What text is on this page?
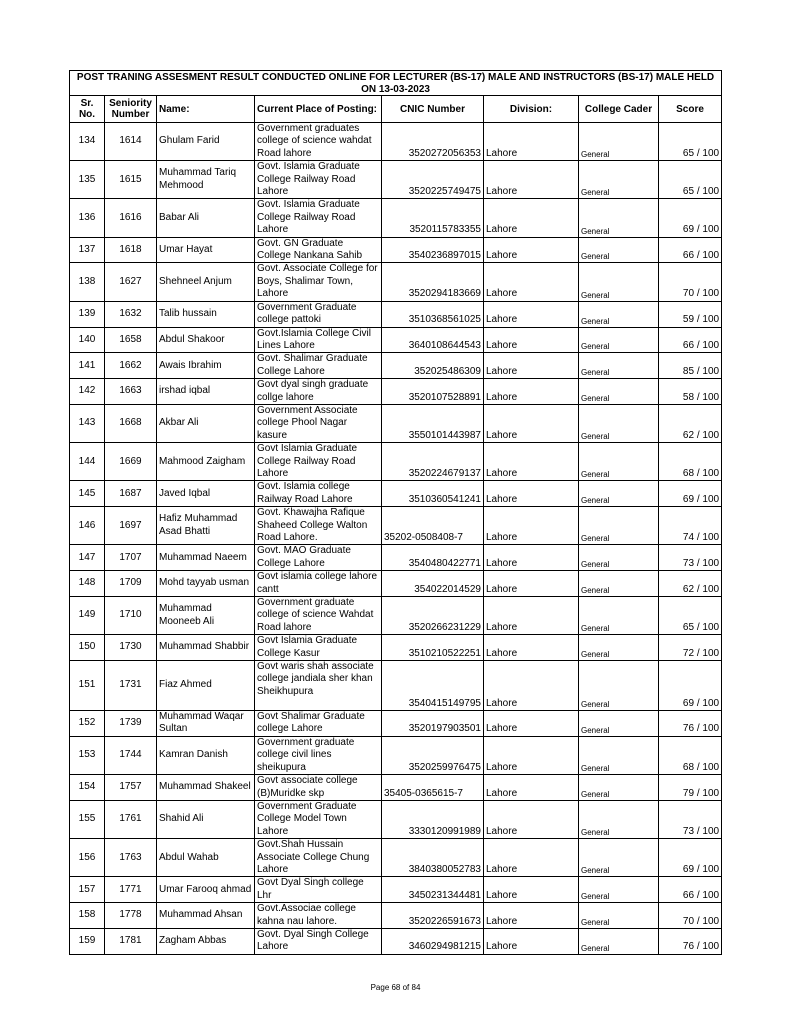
POST TRANING ASSESMENT RESULT CONDUCTED ONLINE FOR LECTURER (BS-17) MALE AND INSTRUCTORS (BS-17) MALE HELD ON 13-03-2023							
Sr. No.	Seniority Number	Name:	Current Place of Posting:	CNIC Number	Division:	College Cader	Score
134	1614	Ghulam Farid	Government graduates college of science wahdat Road lahore	3520272056353	Lahore	General	65 / 100
135	1615	Muhammad Tariq Mehmood	Govt. Islamia Graduate College Railway Road Lahore	3520225749475	Lahore	General	65 / 100
136	1616	Babar Ali	Govt. Islamia Graduate College Railway Road Lahore	3520115783355	Lahore	General	69 / 100
137	1618	Umar Hayat	Govt. GN Graduate College Nankana Sahib	3540236897015	Lahore	General	66 / 100
138	1627	Shehneel Anjum	Govt. Associate College for Boys, Shalimar Town, Lahore	3520294183669	Lahore	General	70 / 100
139	1632	Talib hussain	Government Graduate college pattoki	3510368561025	Lahore	General	59 / 100
140	1658	Abdul Shakoor	Govt.Islamia College Civil Lines Lahore	3640108644543	Lahore	General	66 / 100
141	1662	Awais Ibrahim	Govt. Shalimar Graduate College Lahore	352025486309	Lahore	General	85 / 100
142	1663	irshad iqbal	Govt dyal singh graduate collge lahore	3520107528891	Lahore	General	58 / 100
143	1668	Akbar Ali	Government Associate college Phool Nagar kasure	3550101443987	Lahore	General	62 / 100
144	1669	Mahmood Zaigham	Govt Islamia Graduate College Railway Road Lahore	3520224679137	Lahore	General	68 / 100
145	1687	Javed Iqbal	Govt. Islamia college Railway Road Lahore	3510360541241	Lahore	General	69 / 100
146	1697	Hafiz Muhammad Asad Bhatti	Govt. Khawajha Rafique Shaheed College Walton Road Lahore.	35202-0508408-7	Lahore	General	74 / 100
147	1707	Muhammad Naeem	Govt. MAO Graduate College Lahore	3540480422771	Lahore	General	73 / 100
148	1709	Mohd tayyab usman	Govt islamia college lahore cantt	354022014529	Lahore	General	62 / 100
149	1710	Muhammad Mooneeb Ali	Government graduate college of science Wahdat Road lahore	3520266231229	Lahore	General	65 / 100
150	1730	Muhammad Shabbir	Govt Islamia Graduate College Kasur	3510210522251	Lahore	General	72 / 100
151	1731	Fiaz Ahmed	Govt waris shah associate college jandiala sher khan Sheikhupura	3540415149795	Lahore	General	69 / 100
152	1739	Muhammad Waqar Sultan	Govt Shalimar Graduate college Lahore	3520197903501	Lahore	General	76 / 100
153	1744	Kamran Danish	Government graduate college civil lines sheikupura	3520259976475	Lahore	General	68 / 100
154	1757	Muhammad Shakeel	Govt associate college (B)Muridke skp	35405-0365615-7	Lahore	General	79 / 100
155	1761	Shahid Ali	Government Graduate College Model Town Lahore	3330120991989	Lahore	General	73 / 100
156	1763	Abdul Wahab	Govt.Shah Hussain Associate College Chung Lahore	3840380052783	Lahore	General	69 / 100
157	1771	Umar Farooq ahmad	Govt Dyal Singh college Lhr	3450231344481	Lahore	General	66 / 100
158	1778	Muhammad Ahsan	Govt.Associae college kahna nau lahore.	3520226591673	Lahore	General	70 / 100
159	1781	Zagham Abbas	Govt. Dyal Singh College Lahore	3460294981215	Lahore	General	76 / 100
Page 68 of 84
